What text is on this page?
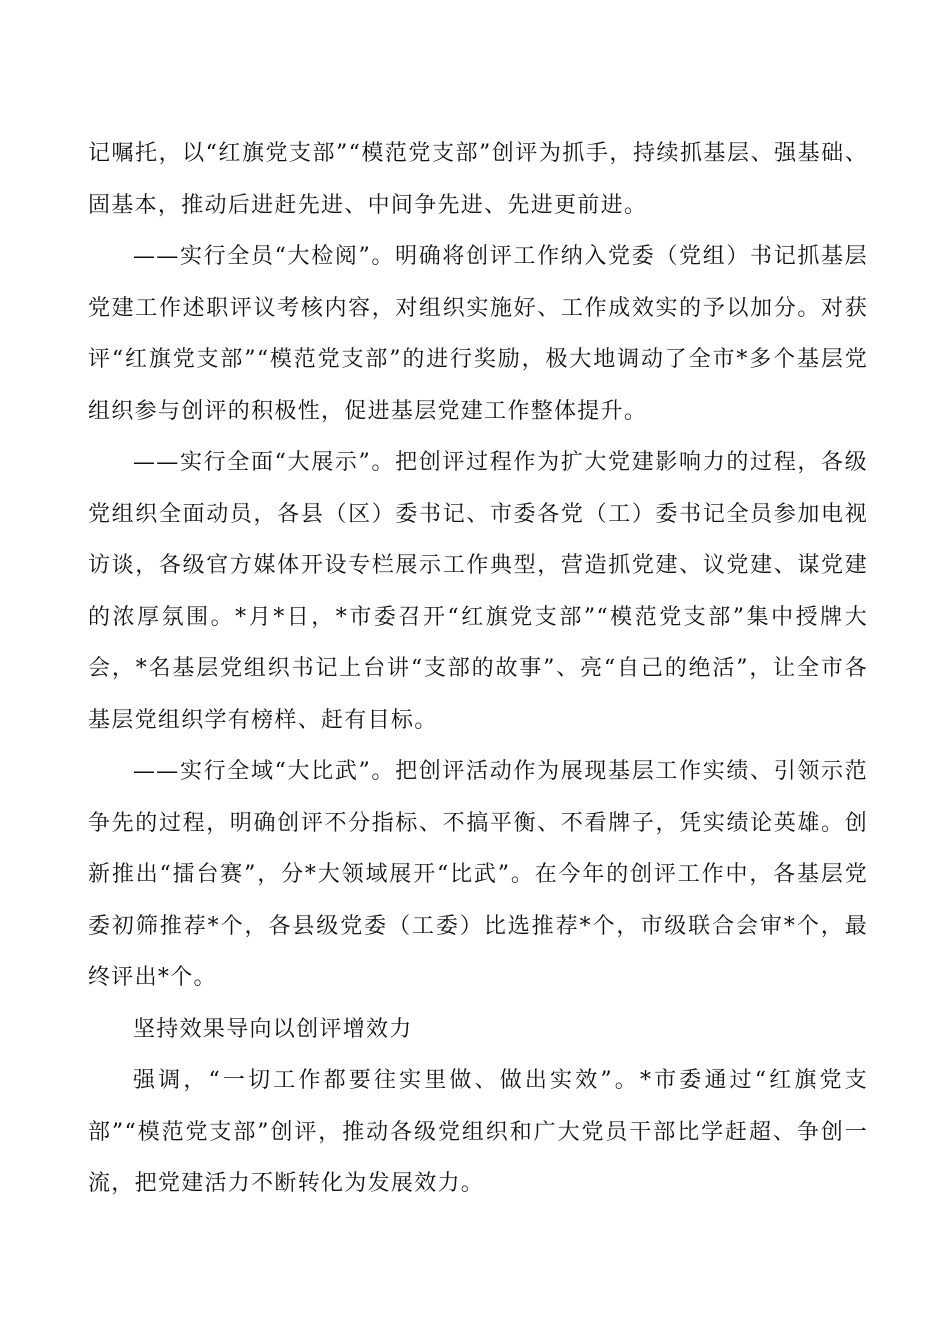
记嘱托，以“红旗党支部”“模范党支部”创评为抓手，持续抓基层、强基础、固基本，推动后进赶先进、中间争先进、先进更前进。

——实行全员“大检阅”。明确将创评工作纳入党委（党组）书记抓基层党建工作述职评议考核内容，对组织实施好、工作成效实的予以加分。对获评“红旗党支部”“模范党支部”的进行奖励，极大地调动了全市*多个基层党组织参与创评的积极性，促进基层党建工作整体提升。

——实行全面“大展示”。把创评过程作为扩大党建影响力的过程，各级党组织全面动员，各县（区）委书记、市委各党（工）委书记全员参加电视访谈，各级官方媒体开设专栏展示工作典型，营造抓党建、议党建、谋党建的浓厚氛围。*月*日，*市委召开“红旗党支部”“模范党支部”集中授牌大会，*名基层党组织书记上台讲“支部的故事”、亮“自己的绝活”，让全市各基层党组织学有榜样、赶有目标。

——实行全域“大比武”。把创评活动作为展现基层工作实绩、引领示范争先的过程，明确创评不分指标、不搞平衡、不看牌子，凭实绩论英雄。创新推出“擂台赛”，分*大领域展开“比武”。在今年的创评工作中，各基层党委初筛推荐*个，各县级党委（工委）比选推荐*个，市级联合会审*个，最终评出*个。

坚持效果导向以创评增效力

强调，“一切工作都要往实里做、做出实效”。*市委通过“红旗党支部”“模范党支部”创评，推动各级党组织和广大党员干部比学赶超、争创一流，把党建活力不断转化为发展效力。
